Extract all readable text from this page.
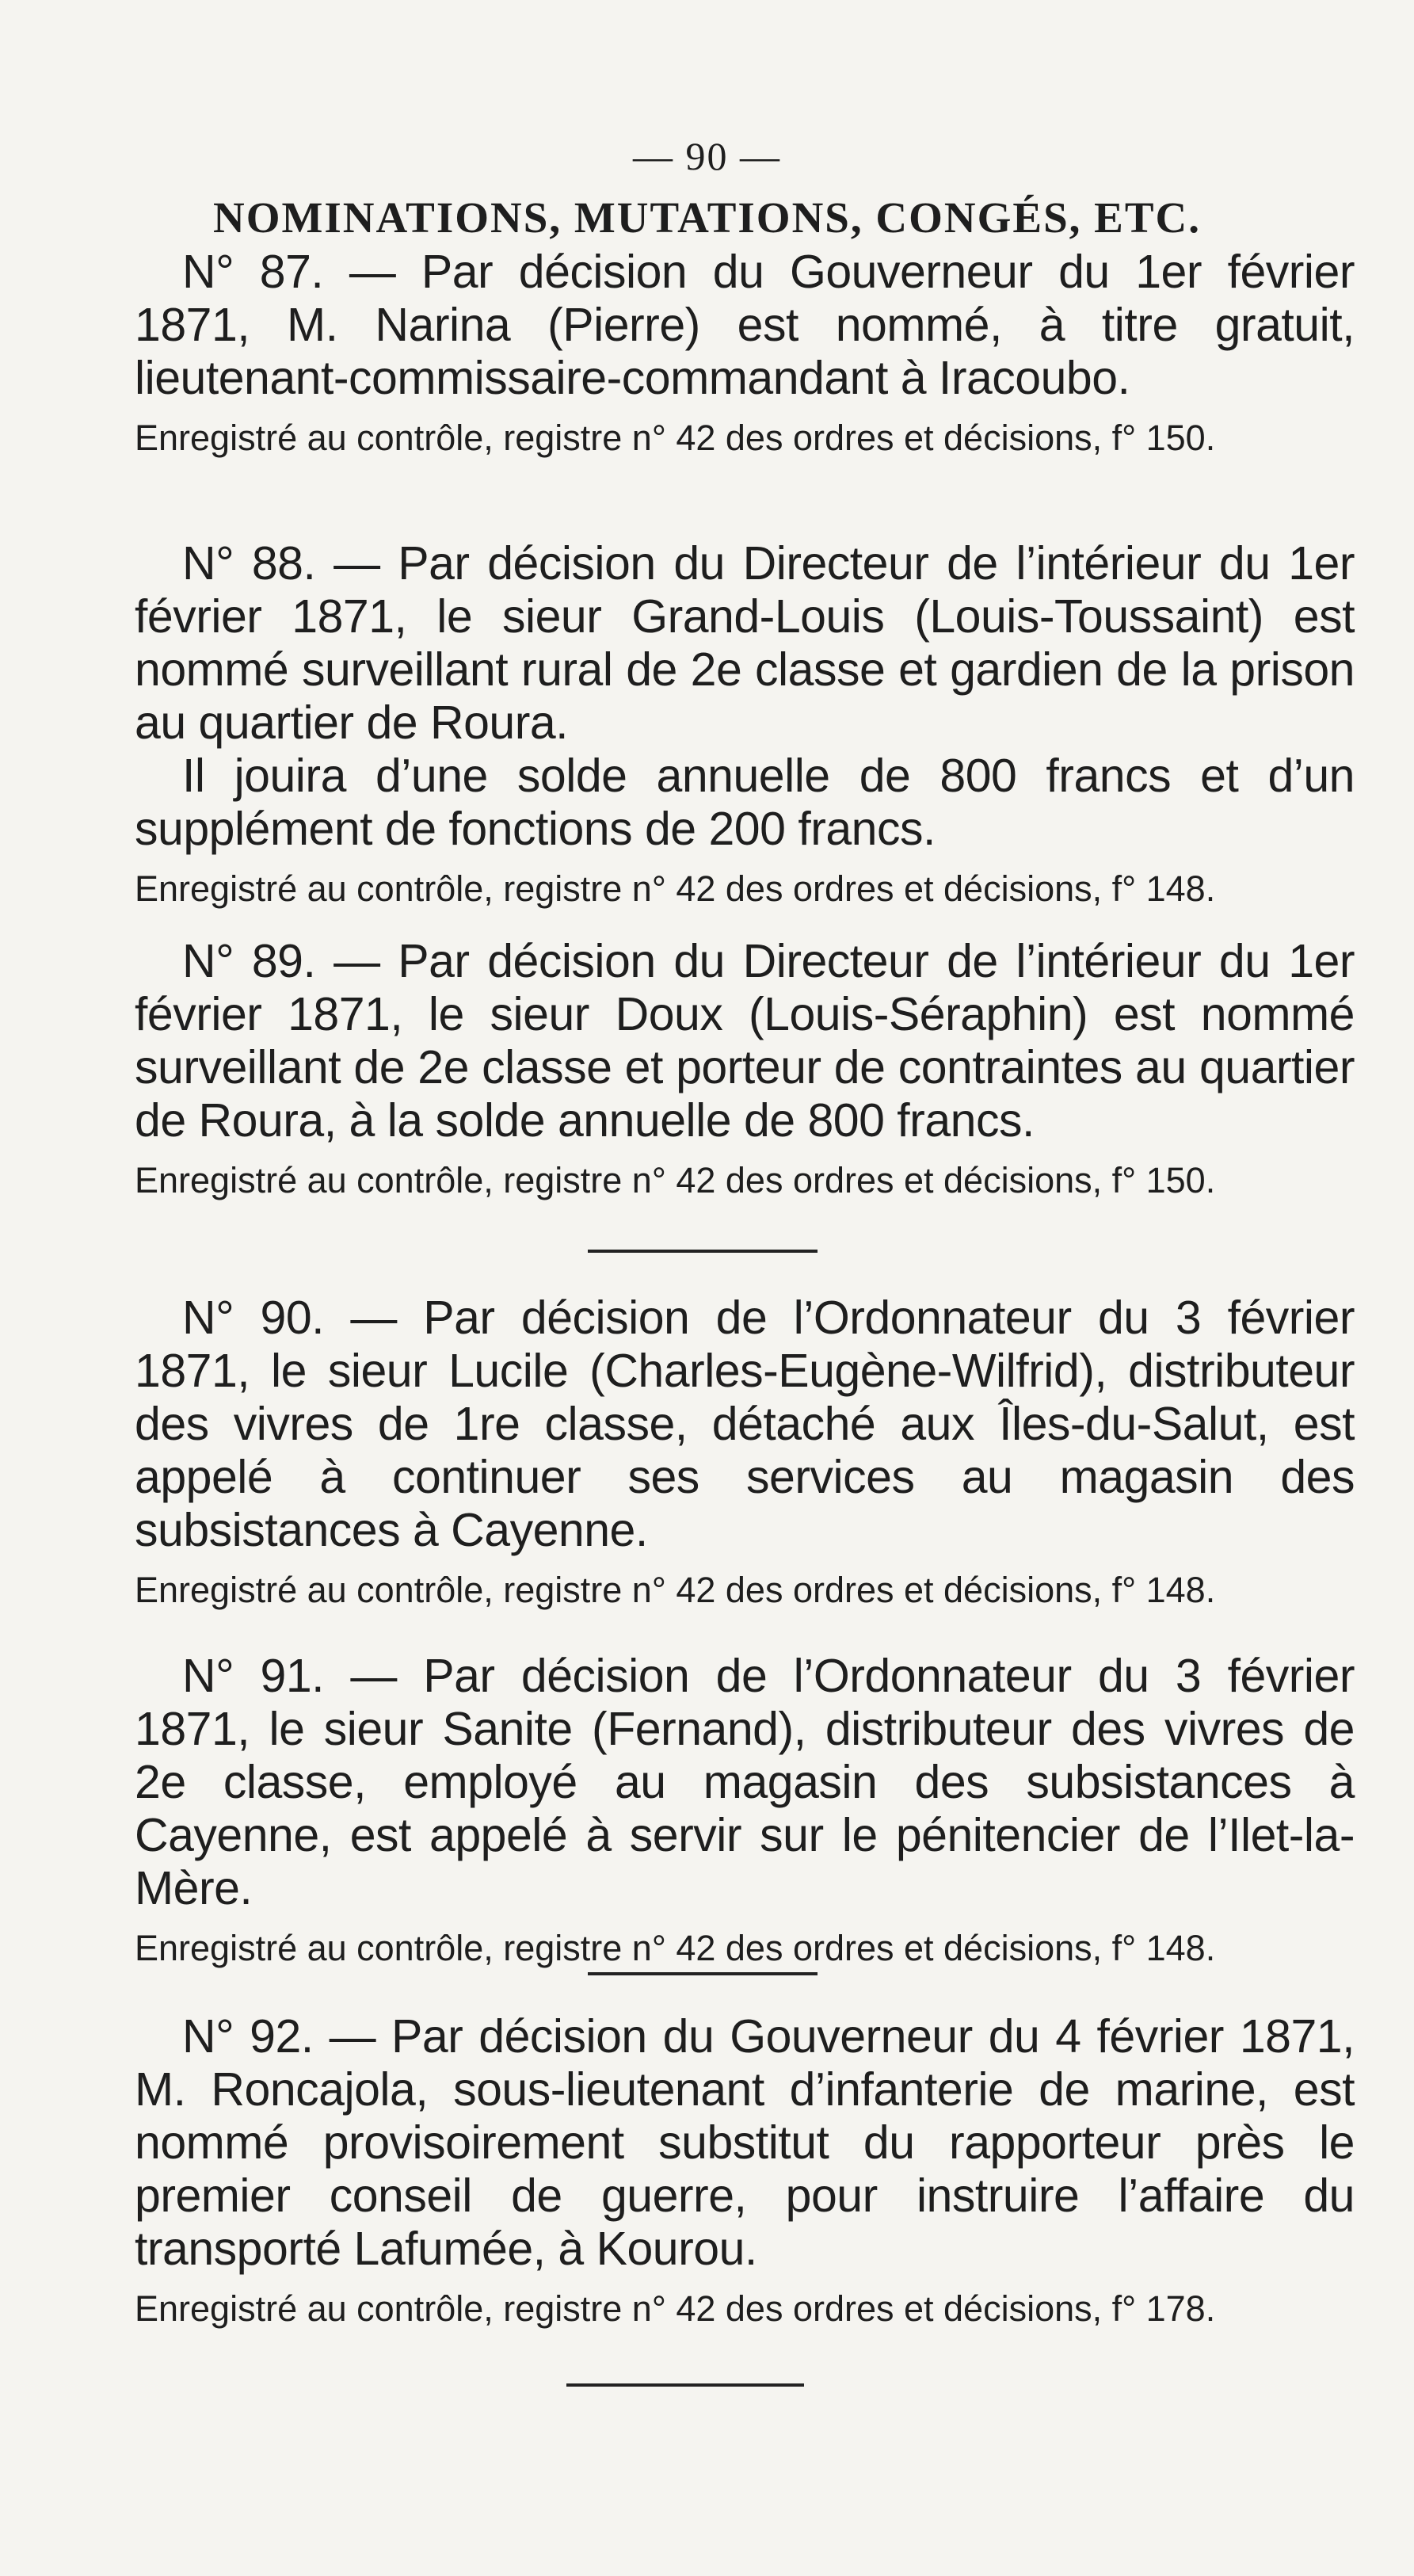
— 90 —
NOMINATIONS, MUTATIONS, CONGÉS, ETC.

N° 87. — Par décision du Gouverneur du 1er février 1871, M. Narina (Pierre) est nommé, à titre gratuit, lieutenant-commissaire-commandant à Iracoubo.

Enregistré au contrôle, registre n° 42 des ordres et décisions, f° 150.

N° 88. — Par décision du Directeur de l’intérieur du 1er février 1871, le sieur Grand-Louis (Louis-Toussaint) est nommé surveillant rural de 2e classe et gardien de la prison au quartier de Roura.

Il jouira d’une solde annuelle de 800 francs et d’un supplément de fonctions de 200 francs.

Enregistré au contrôle, registre n° 42 des ordres et décisions, f° 148.

N° 89. — Par décision du Directeur de l’intérieur du 1er février 1871, le sieur Doux (Louis-Séraphin) est nommé surveillant de 2e classe et porteur de contraintes au quartier de Roura, à la solde annuelle de 800 francs.

Enregistré au contrôle, registre n° 42 des ordres et décisions, f° 150.

N° 90. — Par décision de l’Ordonnateur du 3 février 1871, le sieur Lucile (Charles-Eugène-Wilfrid), distributeur des vivres de 1re classe, détaché aux Îles-du-Salut, est appelé à continuer ses services au magasin des subsistances à Cayenne.

Enregistré au contrôle, registre n° 42 des ordres et décisions, f° 148.

N° 91. — Par décision de l’Ordonnateur du 3 février 1871, le sieur Sanite (Fernand), distributeur des vivres de 2e classe, employé au magasin des subsistances à Cayenne, est appelé à servir sur le pénitencier de l’Ilet-la-Mère.

Enregistré au contrôle, registre n° 42 des ordres et décisions, f° 148.

N° 92. — Par décision du Gouverneur du 4 février 1871, M. Roncajola, sous-lieutenant d’infanterie de marine, est nommé provisoirement substitut du rapporteur près le premier conseil de guerre, pour instruire l’affaire du transporté Lafumée, à Kourou.

Enregistré au contrôle, registre n° 42 des ordres et décisions, f° 178.
